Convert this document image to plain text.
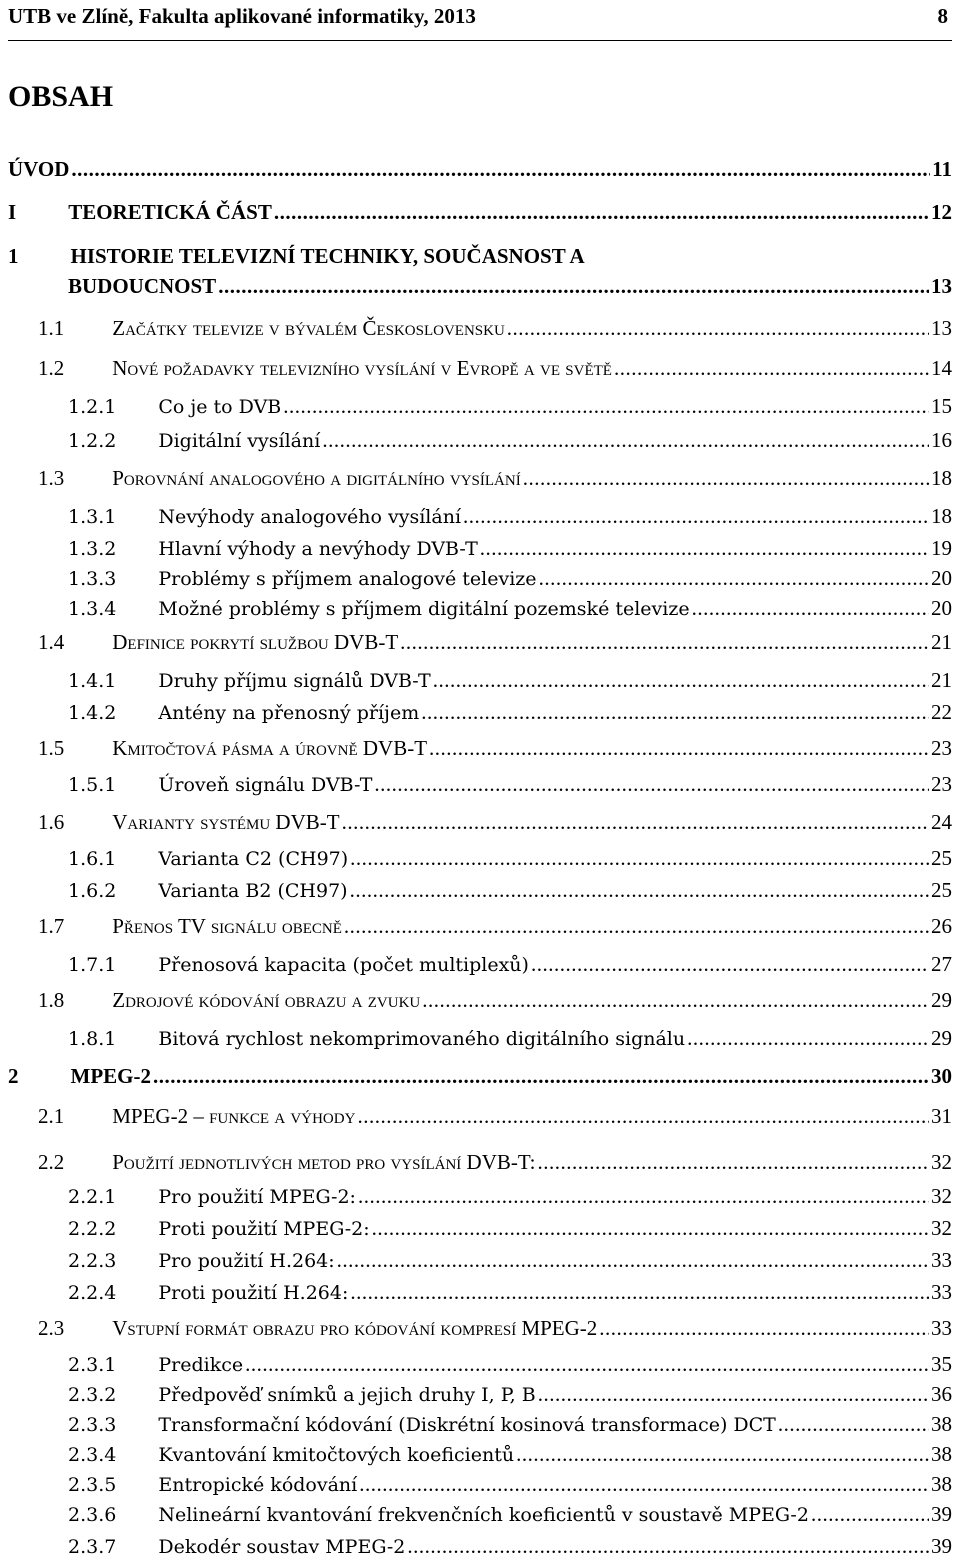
UTB ve Zlíně, Fakulta aplikované informatiky, 2013	8
OBSAH
ÚVOD .....	11
I TEORETICKÁ ČÁST .....	12
1 HISTORIE TELEVIZNÍ TECHNIKY, SOUČASNOST A
BUDOUCNOST .....	13
1.1 Začátky televize v bývalém Československu .....	13
1.2 Nové požadavky televizního vysílání v Evropě a ve světě .....	14
1.2.1 Co je to DVB .....	15
1.2.2 Digitální vysílání .....	16
1.3 Porovnání analogového a digitálního vysílání .....	18
1.3.1 Nevýhody analogového vysílání .....	18
1.3.2 Hlavní výhody a nevýhody DVB-T .....	19
1.3.3 Problémy s příjmem analogové televize .....	20
1.3.4 Možné problémy s příjmem digitální pozemské televize .....	20
1.4 Definice pokrytí službou DVB-T .....	21
1.4.1 Druhy příjmu signálů DVB-T .....	21
1.4.2 Antény na přenosný příjem .....	22
1.5 Kmitočtová pásma a úrovně DVB-T .....	23
1.5.1 Úroveň signálu DVB-T .....	23
1.6 Varianty systému DVB-T .....	24
1.6.1 Varianta C2 (CH97) .....	25
1.6.2 Varianta B2 (CH97) .....	25
1.7 Přenos TV signálu obecně .....	26
1.7.1 Přenosová kapacita (počet multiplexů) .....	27
1.8 Zdrojové kódování obrazu a zvuku .....	29
1.8.1 Bitová rychlost nekomprimovaného digitálního signálu .....	29
2 MPEG-2 .....	30
2.1 MPEG-2 – funkce a výhody .....	31
2.2 Použití jednotlivých metod pro vysílání DVB-T: .....	32
2.2.1 Pro použití MPEG-2: .....	32
2.2.2 Proti použití MPEG-2: .....	32
2.2.3 Pro použití H.264: .....	33
2.2.4 Proti použití H.264: .....	33
2.3 Vstupní formát obrazu pro kódování kompresí MPEG-2 .....	33
2.3.1 Predikce .....	35
2.3.2 Předpověď snímků a jejich druhy I, P, B .....	36
2.3.3 Transformační kódování (Diskrétní kosinová transformace) DCT .....	38
2.3.4 Kvantování kmitočtových koeficientů .....	38
2.3.5 Entropické kódování .....	38
2.3.6 Nelineární kvantování frekvenčních koeficientů v soustavě MPEG-2 .....	39
2.3.7 Dekodér soustav MPEG-2 .....	39
